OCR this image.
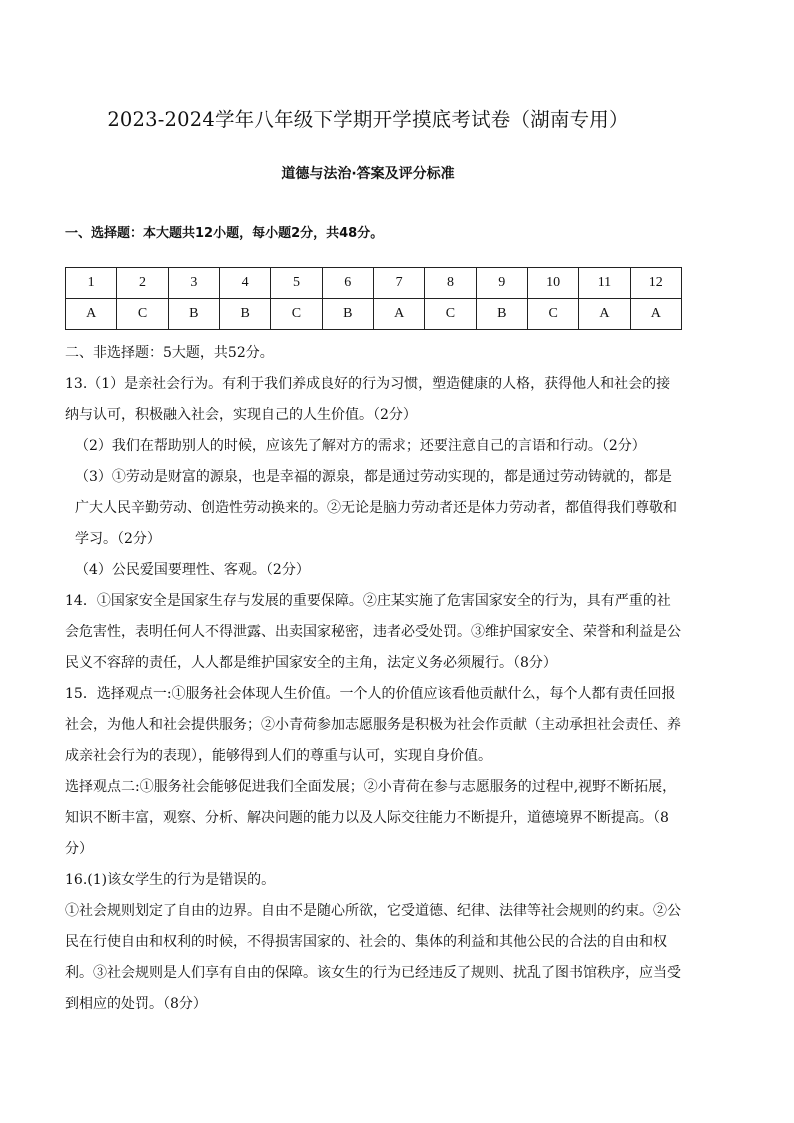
2023-2024学年八年级下学期开学摸底考试卷（湖南专用）
道德与法治·答案及评分标准
一、选择题：本大题共12小题，每小题2分，共48分。
1	2	3	4	5	6	7	8	9	10	11	12
A	C	B	B	C	B	A	C	B	C	A	A

二、非选择题：5大题，共52分。

13.（1）是亲社会行为。有利于我们养成良好的行为习惯，塑造健康的人格，获得他人和社会的接纳与认可，积极融入社会，实现自己的人生价值。（2分）

（2）我们在帮助别人的时候，应该先了解对方的需求；还要注意自己的言语和行动。（2分）

（3）①劳动是财富的源泉，也是幸福的源泉，都是通过劳动实现的，都是通过劳动铸就的，都是广大人民辛勤劳动、创造性劳动换来的。②无论是脑力劳动者还是体力劳动者，都值得我们尊敬和学习。（2分）

（4）公民爱国要理性、客观。（2分）

14．①国家安全是国家生存与发展的重要保障。②庄某实施了危害国家安全的行为，具有严重的社会危害性，表明任何人不得泄露、出卖国家秘密，违者必受处罚。③维护国家安全、荣誉和利益是公民义不容辞的责任，人人都是维护国家安全的主角，法定义务必须履行。（8分）

15．选择观点一:①服务社会体现人生价值。一个人的价值应该看他贡献什么，每个人都有责任回报社会，为他人和社会提供服务；②小青荷参加志愿服务是积极为社会作贡献（主动承担社会责任、养成亲社会行为的表现），能够得到人们的尊重与认可，实现自身价值。

选择观点二:①服务社会能够促进我们全面发展；②小青荷在参与志愿服务的过程中,视野不断拓展，知识不断丰富，观察、分析、解决问题的能力以及人际交往能力不断提升，道德境界不断提高。（8分）

16.(1)该女学生的行为是错误的。

①社会规则划定了自由的边界。自由不是随心所欲，它受道德、纪律、法律等社会规则的约束。②公民在行使自由和权利的时候，不得损害国家的、社会的、集体的利益和其他公民的合法的自由和权利。③社会规则是人们享有自由的保障。该女生的行为已经违反了规则、扰乱了图书馆秩序，应当受到相应的处罚。（8分）
